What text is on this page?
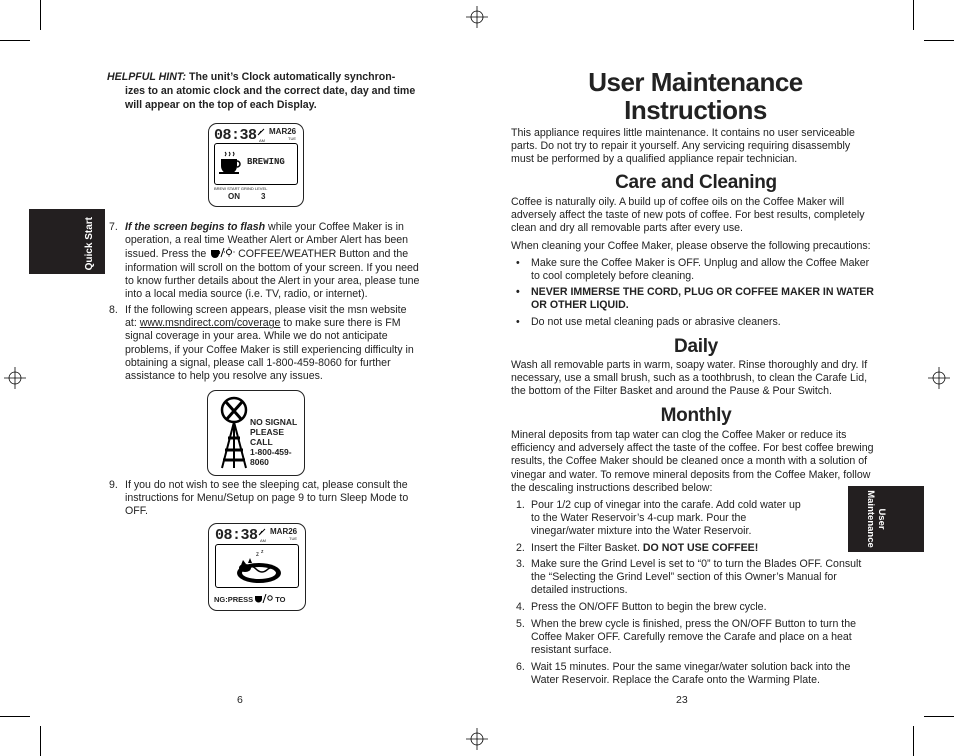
HELPFUL HINT: The unit’s Clock automatically synchron-
izes to an atomic clock and the correct date, day and time will appear on the top of each Display.
08:38 AM
MAR26
TUE
BREWING
BREW START GRIND LEVEL
ON	3
Quick Start 7. If the screen begins to flash while your Coffee Maker is in operation, a real time Weather Alert or Amber Alert has been issued. Press the  COFFEE/WEATHER Button and the information will scroll on the bottom of your screen. If you need to know further details about the Alert in your area, please tune into a local media source (i.e. TV, radio, or internet).
8. If the following screen appears, please visit the msn website at: www.msndirect.com/coverage to make sure there is FM signal coverage in your area. While we do not anticipate problems, if your Coffee Maker is still experiencing difficulty in obtaining a signal, please call 1-800-459-8060 for further assistance to help you resolve any issues.
NO SIGNAL
PLEASE
CALL
1-800-459-
8060
9. If you do not wish to see the sleeping cat, please consult the instructions for Menu/Setup on page 9 to turn Sleep Mode to OFF.
08:38 AM
MAR26
TUE
z z
NG:PRESS	TO
6
User Maintenance
Instructions
This appliance requires little maintenance. It contains no user serviceable parts. Do not try to repair it yourself. Any servicing requiring disassembly must be performed by a qualified appliance repair technician.
Care and Cleaning
Coffee is naturally oily. A build up of coffee oils on the Coffee Maker will adversely affect the taste of new pots of coffee. For best results, completely clean and dry all removable parts after every use.
When cleaning your Coffee Maker, please observe the following precautions:
•	Make sure the Coffee Maker is OFF. Unplug and allow the Coffee Maker to cool completely before cleaning.
•	NEVER IMMERSE THE CORD, PLUG OR COFFEE MAKER IN WATER OR OTHER LIQUID.
•	Do not use metal cleaning pads or abrasive cleaners.
Daily
Wash all removable parts in warm, soapy water. Rinse thoroughly and dry. If necessary, use a small brush, such as a toothbrush, to clean the Carafe Lid, the bottom of the Filter Basket and around the Pause & Pour Switch.
Monthly
Mineral deposits from tap water can clog the Coffee Maker or reduce its efficiency and adversely affect the taste of the coffee. For best coffee brewing results, the Coffee Maker should be cleaned once a month with a solution of vinegar and water. To remove mineral deposits from the Coffee Maker, follow the descaling instructions described below:
1. Pour 1/2 cup of vinegar into the carafe. Add cold water up to the Water Reservoir’s 4-cup mark. Pour the vinegar/water mixture into the Water Reservoir.
2. Insert the Filter Basket. DO NOT USE COFFEE!
3. Make sure the Grind Level is set to “0” to turn the Blades OFF. Consult the “Selecting the Grind Level” section of this Owner’s Manual for detailed instructions.
4. Press the ON/OFF Button to begin the brew cycle.
5. When the brew cycle is finished, press the ON/OFF Button to turn the Coffee Maker OFF. Carefully remove the Carafe and place on a heat resistant surface.
6. Wait 15 minutes. Pour the same vinegar/water solution back into the Water Reservoir. Replace the Carafe onto the Warming Plate.
User
Maintenance
23
